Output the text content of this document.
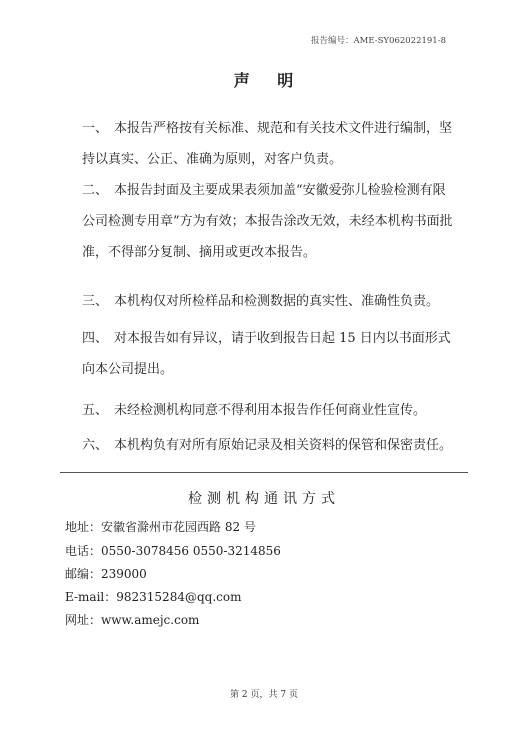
报告编号：AME-SY062022191-8
声 明
一、 本报告严格按有关标准、规范和有关技术文件进行编制，坚持以真实、公正、准确为原则，对客户负责。
二、 本报告封面及主要成果表须加盖“安徽爱弥儿检验检测有限公司检测专用章”方为有效；本报告涂改无效，未经本机构书面批准，不得部分复制、摘用或更改本报告。
三、 本机构仅对所检样品和检测数据的真实性、准确性负责。
四、 对本报告如有异议，请于收到报告日起 15 日内以书面形式向本公司提出。
五、 未经检测机构同意不得利用本报告作任何商业性宣传。
六、 本机构负有对所有原始记录及相关资料的保管和保密责任。
检测机构通讯方式
地址：安徽省滁州市花园西路 82 号
电话：0550-3078456 0550-3214856
邮编：239000
E-mail：982315284@qq.com
网址：www.amejc.com
第 2 页，共 7 页
